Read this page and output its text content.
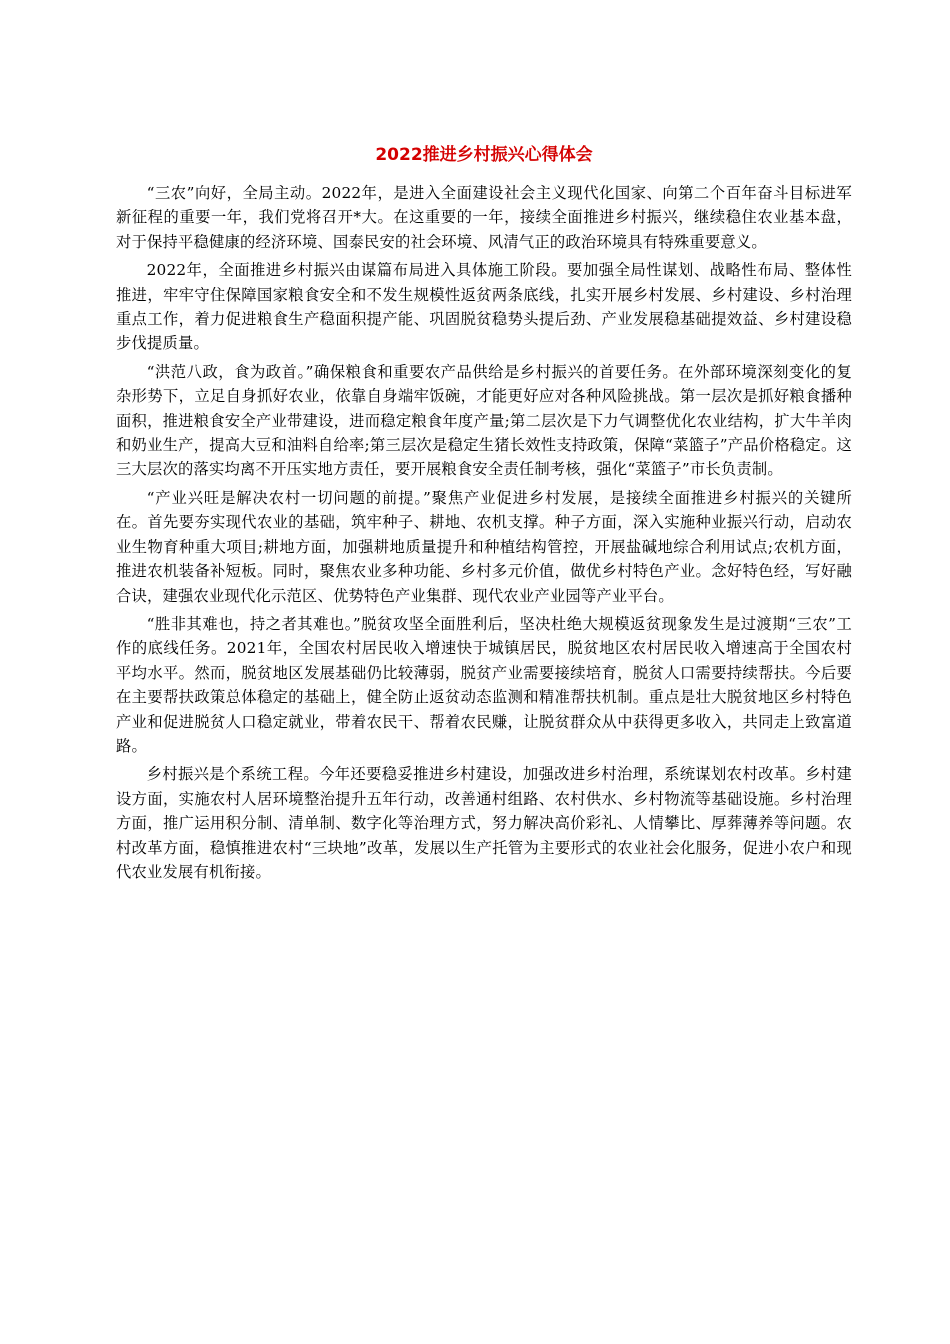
2022推进乡村振兴心得体会

“三农”向好，全局主动。2022年，是进入全面建设社会主义现代化国家、向第二个百年奋斗目标进军新征程的重要一年，我们党将召开*大。在这重要的一年，接续全面推进乡村振兴，继续稳住农业基本盘，对于保持平稳健康的经济环境、国泰民安的社会环境、风清气正的政治环境具有特殊重要意义。

2022年，全面推进乡村振兴由谋篇布局进入具体施工阶段。要加强全局性谋划、战略性布局、整体性推进，牢牢守住保障国家粮食安全和不发生规模性返贫两条底线，扎实开展乡村发展、乡村建设、乡村治理重点工作，着力促进粮食生产稳面积提产能、巩固脱贫稳势头提后劲、产业发展稳基础提效益、乡村建设稳步伐提质量。

“洪范八政，食为政首。”确保粮食和重要农产品供给是乡村振兴的首要任务。在外部环境深刻变化的复杂形势下，立足自身抓好农业，依靠自身端牢饭碗，才能更好应对各种风险挑战。第一层次是抓好粮食播种面积，推进粮食安全产业带建设，进而稳定粮食年度产量;第二层次是下力气调整优化农业结构，扩大牛羊肉和奶业生产，提高大豆和油料自给率;第三层次是稳定生猪长效性支持政策，保障“菜篮子”产品价格稳定。这三大层次的落实均离不开压实地方责任，要开展粮食安全责任制考核，强化“菜篮子”市长负责制。

“产业兴旺是解决农村一切问题的前提。”聚焦产业促进乡村发展，是接续全面推进乡村振兴的关键所在。首先要夯实现代农业的基础，筑牢种子、耕地、农机支撑。种子方面，深入实施种业振兴行动，启动农业生物育种重大项目;耕地方面，加强耕地质量提升和种植结构管控，开展盐碱地综合利用试点;农机方面，推进农机装备补短板。同时，聚焦农业多种功能、乡村多元价值，做优乡村特色产业。念好特色经，写好融合诀，建强农业现代化示范区、优势特色产业集群、现代农业产业园等产业平台。

“胜非其难也，持之者其难也。”脱贫攻坚全面胜利后，坚决杜绝大规模返贫现象发生是过渡期“三农”工作的底线任务。2021年，全国农村居民收入增速快于城镇居民，脱贫地区农村居民收入增速高于全国农村平均水平。然而，脱贫地区发展基础仍比较薄弱，脱贫产业需要接续培育，脱贫人口需要持续帮扶。今后要在主要帮扶政策总体稳定的基础上，健全防止返贫动态监测和精准帮扶机制。重点是壮大脱贫地区乡村特色产业和促进脱贫人口稳定就业，带着农民干、帮着农民赚，让脱贫群众从中获得更多收入，共同走上致富道路。

乡村振兴是个系统工程。今年还要稳妥推进乡村建设，加强改进乡村治理，系统谋划农村改革。乡村建设方面，实施农村人居环境整治提升五年行动，改善通村组路、农村供水、乡村物流等基础设施。乡村治理方面，推广运用积分制、清单制、数字化等治理方式，努力解决高价彩礼、人情攀比、厚葬薄养等问题。农村改革方面，稳慎推进农村“三块地”改革，发展以生产托管为主要形式的农业社会化服务，促进小农户和现代农业发展有机衔接。
